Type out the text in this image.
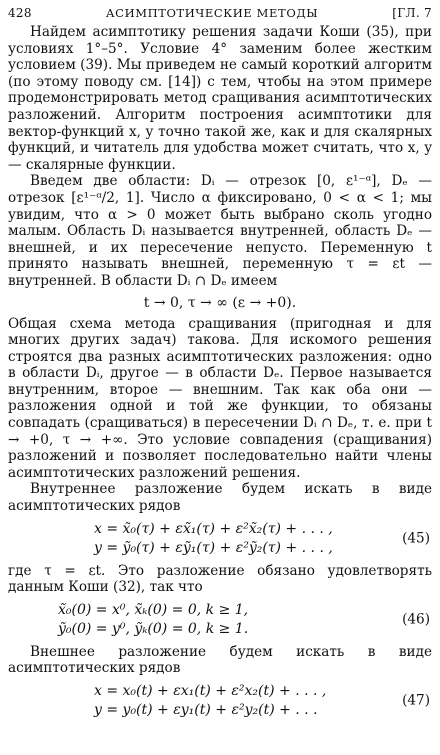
428	АСИМПТОТИЧЕСКИЕ МЕТОДЫ	[ГЛ. 7

Найдем асимптотику решения задачи Коши (35), при условиях 1°–5°. Условие 4° заменим более жестким условием (39). Мы приведем не самый короткий алгоритм (по этому поводу см. [14]) с тем, чтобы на этом примере продемонстрировать метод сращивания асимптотических разложений. Алгоритм построения асимптотики для вектор-функций x, y точно такой же, как и для скалярных функций, и читатель для удобства может считать, что x, y — скалярные функции.

Введем две области: Dᵢ — отрезок [0, ε¹⁻ᵅ], Dₑ — отрезок [ε¹⁻ᵅ/2, 1]. Число α фиксировано, 0 < α < 1; мы увидим, что α > 0 может быть выбрано сколь угодно малым. Область Dᵢ называется внутренней, область Dₑ — внешней, и их пересечение непусто. Переменную t принято называть внешней, переменную τ = εt — внутренней. В области Dᵢ ∩ Dₑ имеем

t → 0, τ → ∞ (ε → +0).

Общая схема метода сращивания (пригодная и для многих других задач) такова. Для искомого решения строятся два разных асимптотических разложения: одно в области Dᵢ, другое — в области Dₑ. Первое называется внутренним, второе — внешним. Так как оба они — разложения одной и той же функции, то обязаны совпадать (сращиваться) в пересечении Dᵢ ∩ Dₑ, т. е. при t → +0, τ → +∞. Это условие совпадения (сращивания) разложений и позволяет последовательно найти члены асимптотических разложений решения.

Внутреннее разложение будем искать в виде асимптотических рядов

x = x̃₀(τ) + εx̃₁(τ) + ε²x̃₂(τ) + . . . ,
y = ỹ₀(τ) + εỹ₁(τ) + ε²ỹ₂(τ) + . . . ,
(45)

где τ = εt. Это разложение обязано удовлетворять данным Коши (32), так что

x̃₀(0) = x⁰, x̃ₖ(0) = 0, k ≥ 1,
ỹ₀(0) = y⁰, ỹₖ(0) = 0, k ≥ 1.
(46)

Внешнее разложение будем искать в виде асимптотических рядов

x = x₀(t) + εx₁(t) + ε²x₂(t) + . . . ,
y = y₀(t) + εy₁(t) + ε²y₂(t) + . . .
(47)
